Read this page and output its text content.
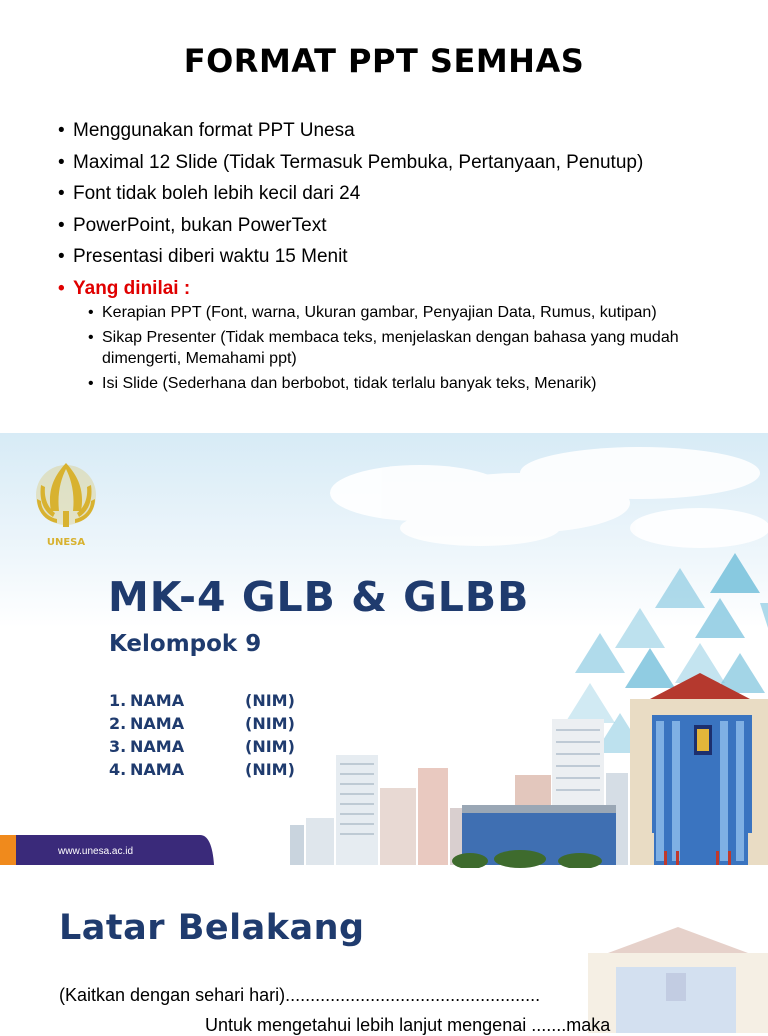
FORMAT PPT SEMHAS
• Menggunakan format PPT Unesa
• Maximal 12 Slide (Tidak Termasuk Pembuka, Pertanyaan, Penutup)
• Font tidak boleh lebih kecil dari 24
• PowerPoint, bukan PowerText
• Presentasi diberi waktu 15 Menit
• Yang dinilai :
• Kerapian PPT (Font, warna, Ukuran gambar, Penyajian Data, Rumus, kutipan)
• Sikap Presenter (Tidak membaca teks, menjelaskan dengan bahasa yang mudah dimengerti, Memahami ppt)
• Isi Slide (Sederhana dan berbobot, tidak terlalu banyak teks, Menarik)
UNESA
MK-4 GLB & GLBB
Kelompok 9
1. NAMA	(NIM)
2. NAMA	(NIM)
3. NAMA	(NIM)
4. NAMA	(NIM)
www.unesa.ac.id
Latar Belakang
(Kaitkan dengan sehari hari)...................................................
Untuk mengetahui lebih lanjut mengenai .......maka
